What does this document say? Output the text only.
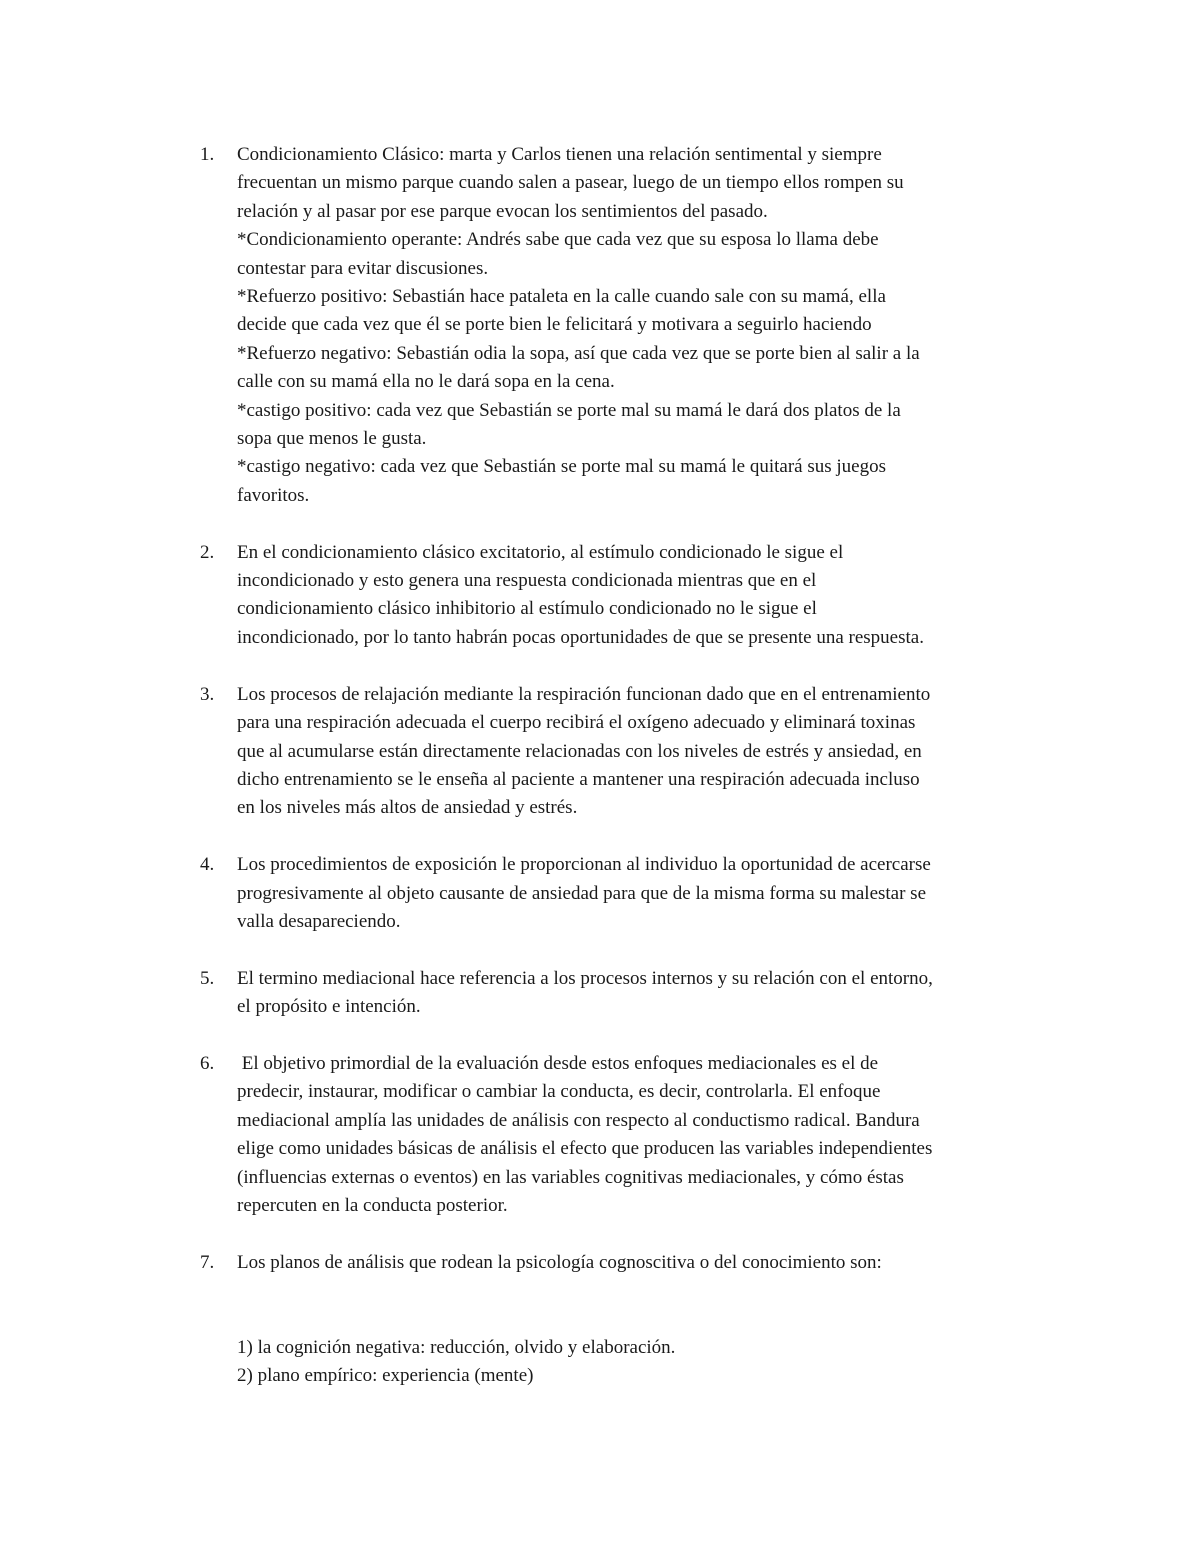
1. Condicionamiento Clásico: marta y Carlos tienen una relación sentimental y siempre
frecuentan un mismo parque cuando salen a pasear, luego de un tiempo ellos rompen su
relación y al pasar por ese parque evocan los sentimientos del pasado.
*Condicionamiento operante: Andrés sabe que cada vez que su esposa lo llama debe
contestar para evitar discusiones.
*Refuerzo positivo: Sebastián hace pataleta en la calle cuando sale con su mamá, ella
decide que cada vez que él se porte bien le felicitará y motivara a seguirlo haciendo
*Refuerzo negativo: Sebastián odia la sopa, así que cada vez que se porte bien al salir a la
calle con su mamá ella no le dará sopa en la cena.
*castigo positivo: cada vez que Sebastián se porte mal su mamá le dará dos platos de la
sopa que menos le gusta.
*castigo negativo: cada vez que Sebastián se porte mal su mamá le quitará sus juegos
favoritos.
2. En el condicionamiento clásico excitatorio, al estímulo condicionado le sigue el
incondicionado y esto genera una respuesta condicionada mientras que en el
condicionamiento clásico inhibitorio al estímulo condicionado no le sigue el
incondicionado, por lo tanto habrán pocas oportunidades de que se presente una respuesta.
3. Los procesos de relajación mediante la respiración funcionan dado que en el entrenamiento
para una respiración adecuada el cuerpo recibirá el oxígeno adecuado y eliminará toxinas
que al acumularse están directamente relacionadas con los niveles de estrés y ansiedad, en
dicho entrenamiento se le enseña al paciente a mantener una respiración adecuada incluso
en los niveles más altos de ansiedad y estrés.
4. Los procedimientos de exposición le proporcionan al individuo la oportunidad de acercarse
progresivamente al objeto causante de ansiedad para que de la misma forma su malestar se
valla desapareciendo.
5. El termino mediacional hace referencia a los procesos internos y su relación con el entorno,
el propósito e intención.
6. El objetivo primordial de la evaluación desde estos enfoques mediacionales es el de
predecir, instaurar, modificar o cambiar la conducta, es decir, controlarla. El enfoque
mediacional amplía las unidades de análisis con respecto al conductismo radical. Bandura
elige como unidades básicas de análisis el efecto que producen las variables independientes
(influencias externas o eventos) en las variables cognitivas mediacionales, y cómo éstas
repercuten en la conducta posterior.
7. Los planos de análisis que rodean la psicología cognoscitiva o del conocimiento son:
1) la cognición negativa: reducción, olvido y elaboración.
2) plano empírico: experiencia (mente)
